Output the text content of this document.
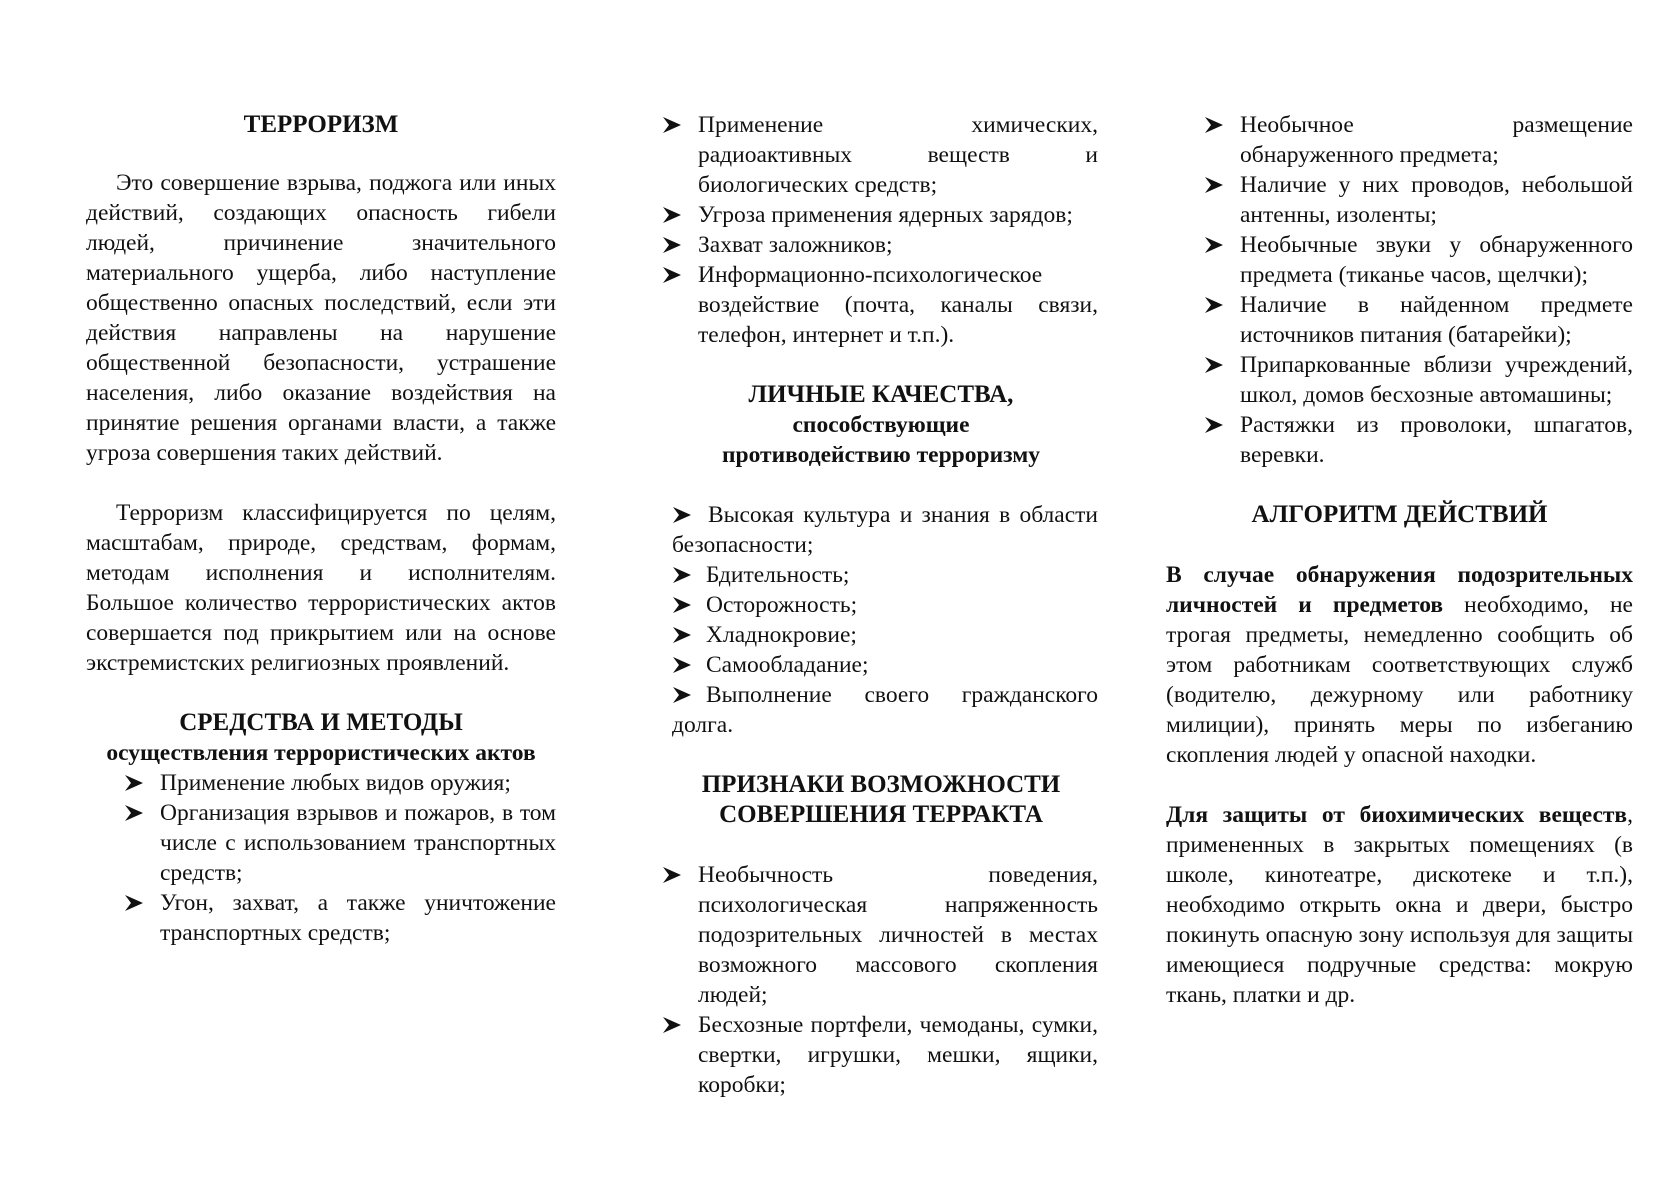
ТЕРРОРИЗМ

Это совершение взрыва, поджога или иных действий, создающих опасность гибели людей, причинение значительного материального ущерба, либо наступление общественно опасных последствий, если эти действия направлены на нарушение общественной безопасности, устрашение населения, либо оказание воздействия на принятие решения органами власти, а также угроза совершения таких действий.

Терроризм классифицируется по целям, масштабам, природе, средствам, формам, методам исполнения и исполнителям. Большое количество террористических актов совершается под прикрытием или на основе экстремистских религиозных проявлений.

СРЕДСТВА И МЕТОДЫ
осуществления террористических актов
Применение любых видов оружия;
Организация взрывов и пожаров, в том числе с использованием транспортных средств;
Угон, захват, а также уничтожение транспортных средств;
Применение химических, радиоактивных веществ и биологических средств;
Угроза применения ядерных зарядов;
Захват заложников;
Информационно-психологическое воздействие (почта, каналы связи, телефон, интернет и т.п.).
ЛИЧНЫЕ КАЧЕСТВА,
способствующие
противодействию терроризму
Высокая культура и знания в области безопасности;
Бдительность;
Осторожность;
Хладнокровие;
Самообладание;
Выполнение своего гражданского долга.
ПРИЗНАКИ ВОЗМОЖНОСТИ
СОВЕРШЕНИЯ ТЕРРАКТА
Необычность поведения, психологическая напряженность подозрительных личностей в местах возможного массового скопления людей;
Бесхозные портфели, чемоданы, сумки, свертки, игрушки, мешки, ящики, коробки;
Необычное размещение обнаруженного предмета;
Наличие у них проводов, небольшой антенны, изоленты;
Необычные звуки у обнаруженного предмета (тиканье часов, щелчки);
Наличие в найденном предмете источников питания (батарейки);
Припаркованные вблизи учреждений, школ, домов бесхозные автомашины;
Растяжки из проволоки, шпагатов, веревки.
АЛГОРИТМ ДЕЙСТВИЙ

В случае обнаружения подозрительных личностей и предметов необходимо, не трогая предметы, немедленно сообщить об этом работникам соответствующих служб (водителю, дежурному или работнику милиции), принять меры по избеганию скопления людей у опасной находки.

Для защиты от биохимических веществ, примененных в закрытых помещениях (в школе, кинотеатре, дискотеке и т.п.), необходимо открыть окна и двери, быстро покинуть опасную зону используя для защиты имеющиеся подручные средства: мокрую ткань, платки и др.
